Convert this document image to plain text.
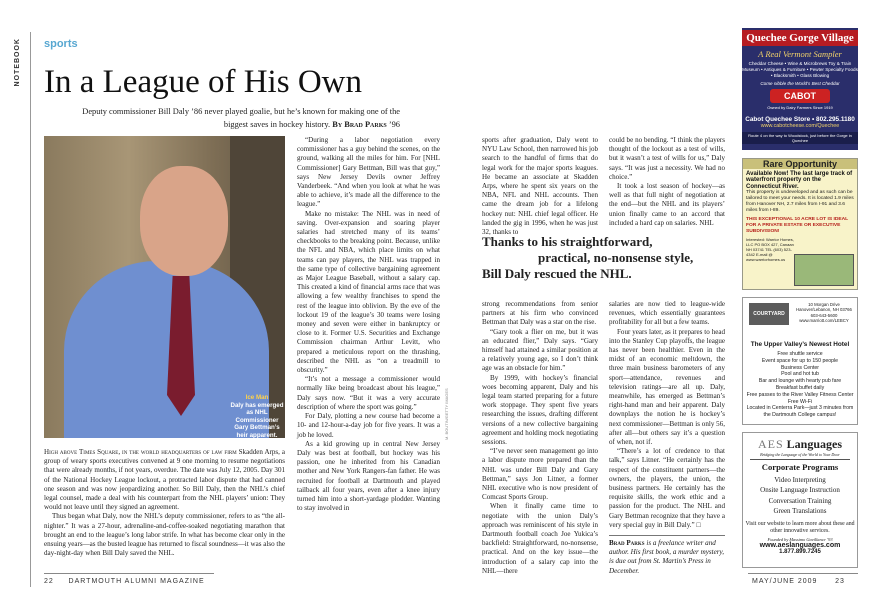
NOTEBOOK	sports
In a League of His Own
Deputy commissioner Bill Daly ’86 never played goalie, but he’s known for making one of the biggest saves in hockey history. By Brad Parks ’96
Ice Man
Daly has emerged as NHL Commissioner Gary Bettman’s heir apparent.	M. BOUTIN/GETTY IMAGES

High above Times Square, in the world headquarters of law firm Skadden Arps, a group of weary sports executives convened at 9 one morning to resume negotiations that were already months, if not years, overdue. The date was July 12, 2005. Day 301 of the National Hockey League lockout, a protracted labor dispute that had canned one season and was now jeopardizing another. So Bill Daly, then the NHL’s chief legal counsel, made a deal with his counterpart from the NHL players’ union: They would not leave until they signed an agreement.

Thus began what Daly, now the NHL’s deputy commissioner, refers to as “the all-nighter.” It was a 27-hour, adrenaline-and-coffee-soaked negotiating marathon that brought an end to the league’s long labor strife. In what has become clear only in the ensuing years—as the busted league has returned to fiscal soundness—it was also the day-night-day when Bill Daly saved the NHL.

“During a labor negotiation every commissioner has a guy behind the scenes, on the ground, walking all the miles for him. For [NHL Commissioner] Gary Bettman, Bill was that guy,” says New Jersey Devils owner Jeffrey Vanderbeek. “And when you look at what he was able to achieve, it’s made all the difference to the league.”

Make no mistake: The NHL was in need of saving. Over-expansion and soaring player salaries had stretched many of its teams’ checkbooks to the breaking point. Because, unlike the NFL and NBA, which place limits on what teams can pay players, the NHL was trapped in the same type of collective bargaining agreement as Major League Baseball, without a salary cap. This created a kind of financial arms race that was allowing a few wealthy franchises to spend the rest of the league into oblivion. By the eve of the lockout 19 of the league’s 30 teams were losing money and seven were either in bankruptcy or close to it. Former U.S. Securities and Exchange Commission chairman Arthur Levitt, who prepared a meticulous report on the thrashing, described the NHL as “on a treadmill to obscurity.”

“It’s not a message a commissioner would normally like being broadcast about his league,” Daly says now. “But it was a very accurate description of where the sport was going.”

For Daly, plotting a new course had become a 10- and 12-hour-a-day job for five years. It was a job he loved.

As a kid growing up in central New Jersey Daly was best at football, but hockey was his passion, one he inherited from his Canadian mother and New York Rangers-fan father. He was recruited for football at Dartmouth and played tailback all four years, even after a knee injury turned him into a short-yardage plodder. Wanting to stay involved in

sports after graduation, Daly went to NYU Law School, then narrowed his job search to the handful of firms that do legal work for the major sports leagues. He became an associate at Skadden Arps, where he spent six years on the NBA, NFL and NHL accounts. Then came the dream job for a lifelong hockey nut: NHL chief legal officer. He landed the gig in 1996, when he was just 32, thanks to

could be no bending. “I think the players thought of the lockout as a test of wills, but it wasn’t a test of wills for us,” Daly says. “It was just a necessity. We had no choice.”

It took a lost season of hockey—as well as that full night of negotiation at the end—but the NHL and its players’ union finally came to an accord that included a hard cap on salaries. NHL

Thanks to his straightforward,
practical, no-nonsense style,
Bill Daly rescued the NHL.

strong recommendations from senior partners at his firm who convinced Bettman that Daly was a star on the rise.

“Gary took a flier on me, but it was an educated flier,” Daly says. “Gary himself had attained a similar position at a relatively young age, so I don’t think age was an obstacle for him.”

By 1999, with hockey’s financial woes becoming apparent, Daly and his legal team started preparing for a future work stoppage. They spent five years researching the issues, drafting different versions of a new collective bargaining agreement and holding mock negotiating sessions.

“I’ve never seen management go into a labor dispute more prepared than the NHL was under Bill Daly and Gary Bettman,” says Jon Litner, a former NHL executive who is now president of Comcast Sports Group.

When it finally came time to negotiate with the union Daly’s approach was reminiscent of his style in Dartmouth football coach Joe Yukica’s backfield: Straightforward, no-nonsense, practical. And on the key issue—the introduction of a salary cap into the NHL—there

salaries are now tied to league-wide revenues, which essentially guarantees profitability for all but a few teams.

Four years later, as it prepares to head into the Stanley Cup playoffs, the league has never been healthier. Even in the midst of an economic meltdown, the three main business barometers of any sport—attendance, revenues and television ratings—are all up. Daly, meanwhile, has emerged as Bettman’s right-hand man and heir apparent. Daly downplays the notion he is hockey’s next commissioner—Bettman is only 56, after all—but others say it’s a question of when, not if.

“There’s a lot of credence to that talk,” says Litner. “He certainly has the respect of the constituent partners—the owners, the players, the union, the business partners. He certainly has the requisite skills, the work ethic and a passion for the product. The NHL and Gary Bettman recognize that they have a very special guy in Bill Daly.” □

Brad Parks is a freelance writer and author. His first book, a murder mystery, is due out from St. Martin’s Press in December.
22 DARTMOUTH ALUMNI MAGAZINE	MAY/JUNE 2009	23
Quechee Gorge Village
A Real Vermont Sampler
Cheddar Cheese • Wine & Microbrews Toy & Train Museum • Antiques & Furniture • Pewter Specialty Foods • Blacksmith • Glass Blowing
Come nibble the World’s Best Cheddar
CABOT
Owned by Dairy Farmers Since 1919
Cabot Quechee Store • 802.295.1180
www.cabotcheese.com/Quechee
Route 4 on the way to Woodstock, just before the Gorge in Quechee
Rare Opportunity
Available Now! The last large track of waterfront property on the Connecticut River.
This property is undeveloped and as such can be tailored to meet your needs. It is located 1.9 miles from Hanover NH, 2.7 miles from I-91 and 3.6 miles from I-89.
THIS EXCEPTIONAL 10 ACRE LOT IS IDEAL FOR A PRIVATE ESTATE OR EXECUTIVE SUBDIVISION!
Interested: Warrior Homes, LLC PO BOX 427, Canaan NH 03741 TEL (603) 523-4342 E-mail @ www.warriorhomes.us
COURTYARD Marriott
10 Morgan Drive Hanover/Lebanon, NH 03766 603-643-5600 www.marriott.com/LEBCY
The Upper Valley’s Newest Hotel
Free shuttle service
Event space for up to 150 people
Business Center
Pool and hot tub
Bar and lounge with hearty pub fare
Breakfast buffet daily
Free passes to the River Valley Fitness Center
Free Wi-Fi
Located in Centerra Park—just 3 minutes from the Dartmouth College campus!
AES Languages
Bridging the Language of the World to Your Door
Corporate Programs
Video Interpreting
Onsite Language Instruction
Conversation Training
Green Translations
Visit our website to learn more about these and other innovative services.
Founded by Massimo Gavillance ’93
www.aeslanguages.com
1.877.899.7245
